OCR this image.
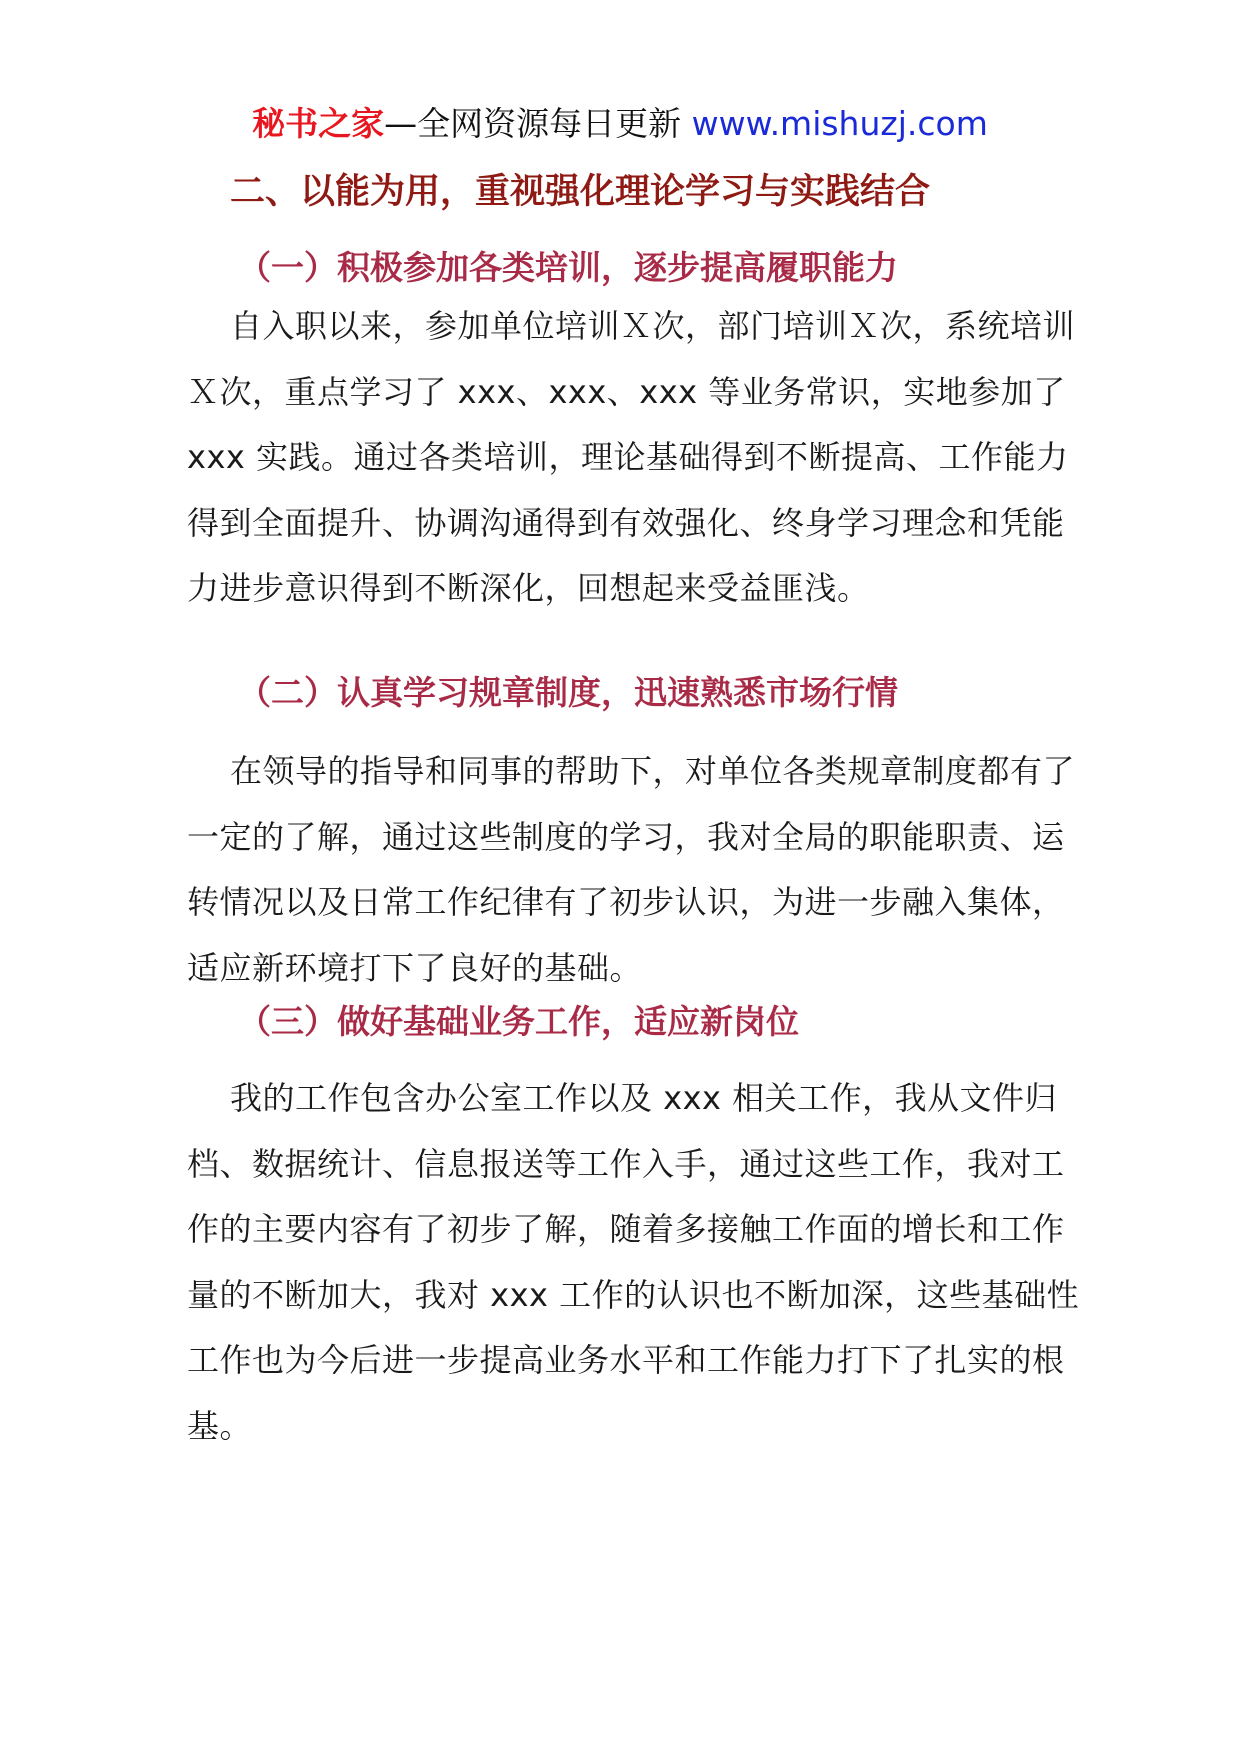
秘书之家—全网资源每日更新 www.mishuzj.com
二、以能为用，重视强化理论学习与实践结合
（一）积极参加各类培训，逐步提高履职能力

自入职以来，参加单位培训Ｘ次，部门培训Ｘ次，系统培训Ｘ次，重点学习了 xxx、xxx、xxx 等业务常识，实地参加了 xxx 实践。通过各类培训，理论基础得到不断提高、工作能力得到全面提升、协调沟通得到有效强化、终身学习理念和凭能力进步意识得到不断深化，回想起来受益匪浅。

（二）认真学习规章制度，迅速熟悉市场行情

在领导的指导和同事的帮助下，对单位各类规章制度都有了一定的了解，通过这些制度的学习，我对全局的职能职责、运转情况以及日常工作纪律有了初步认识，为进一步融入集体，适应新环境打下了良好的基础。

（三）做好基础业务工作，适应新岗位

我的工作包含办公室工作以及 xxx 相关工作，我从文件归档、数据统计、信息报送等工作入手，通过这些工作，我对工作的主要内容有了初步了解，随着多接触工作面的增长和工作量的不断加大，我对 xxx 工作的认识也不断加深，这些基础性工作也为今后进一步提高业务水平和工作能力打下了扎实的根基。
